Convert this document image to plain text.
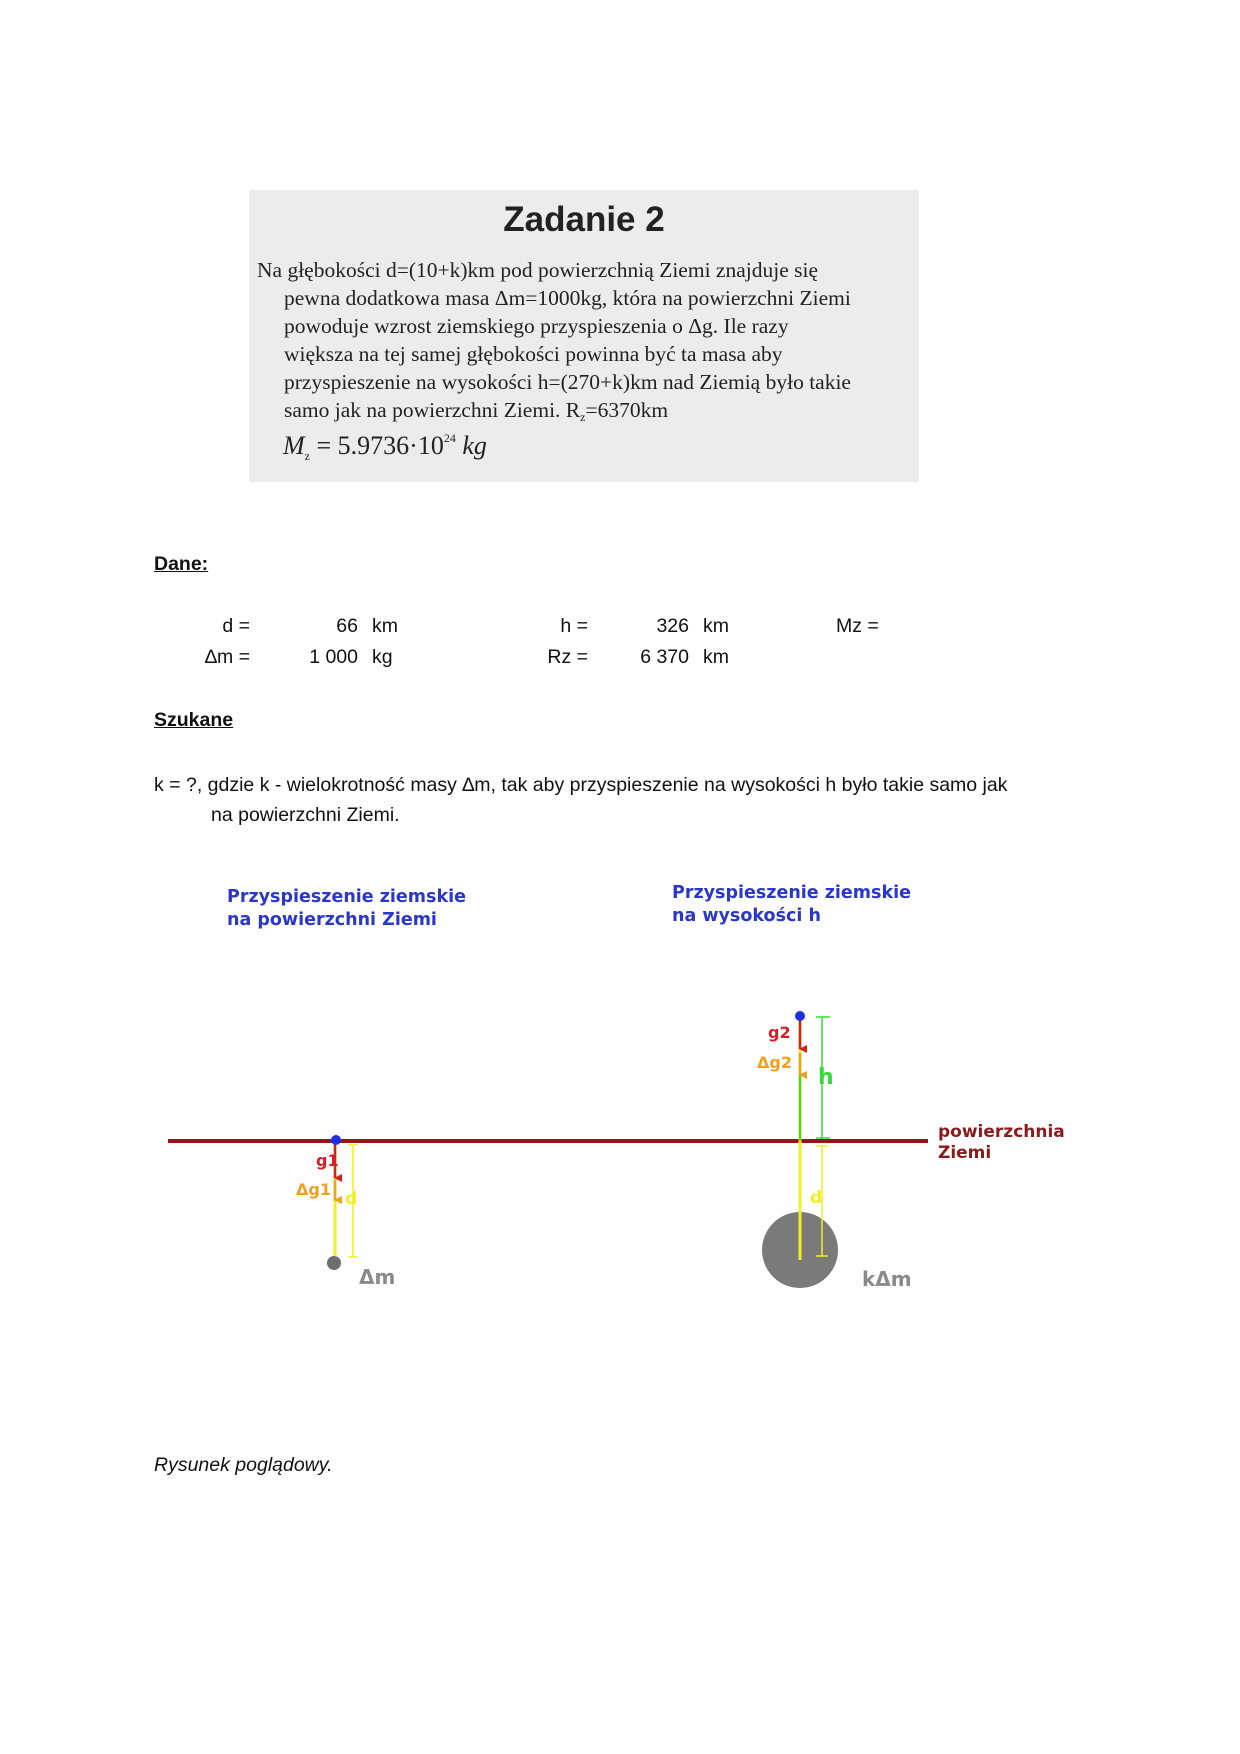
Zadanie 2
Na głębokości d=(10+k)km pod powierzchnią Ziemi znajduje się
pewna dodatkowa masa Δm=1000kg, która na powierzchni Ziemi
powoduje wzrost ziemskiego przyspieszenia o Δg. Ile razy
większa na tej samej głębokości powinna być ta masa aby
przyspieszenie na wysokości h=(270+k)km nad Ziemią było takie
samo jak na powierzchni Ziemi. $R_z=6370km$
$M_z = 5.9736\cdot 10^{24}$ kg
Dane:
d =	66 km
∆m =	1 000 kg
h =	326 km
Rz =	6 370 km
Mz =
Szukane
k = ?, gdzie k - wielokrotność masy ∆m, tak aby przyspieszenie na wysokości h było takie samo jak
na powierzchni Ziemi.
Rysunek poglądowy.
Przyspieszenie ziemskie
na powierzchni Ziemi
Przyspieszenie ziemskie
na wysokości h
powierzchnia
Ziemi
g1
Δg1 d
Δm
h
d
g2
Δg2
kΔm
